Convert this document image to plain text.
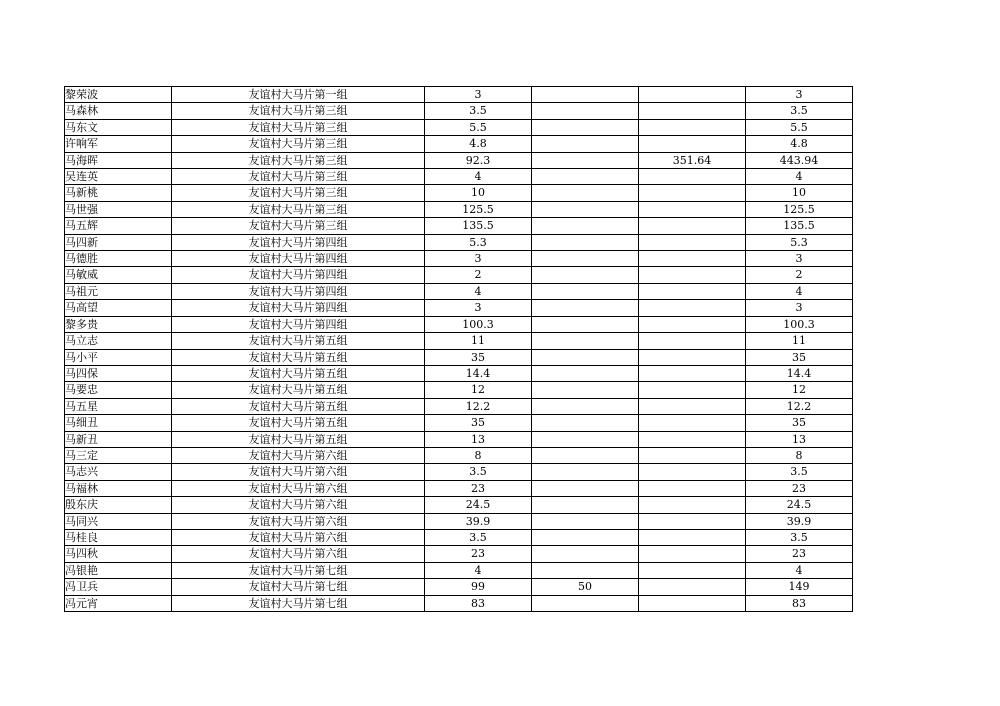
黎荣波	友谊村大马片第一组	3			3
马森林	友谊村大马片第三组	3.5			3.5
马东文	友谊村大马片第三组	5.5			5.5
许响军	友谊村大马片第三组	4.8			4.8
马海晖	友谊村大马片第三组	92.3		351.64	443.94
吴连英	友谊村大马片第三组	4			4
马新桃	友谊村大马片第三组	10			10
马世强	友谊村大马片第三组	125.5			125.5
马五辉	友谊村大马片第三组	135.5			135.5
马四新	友谊村大马片第四组	5.3			5.3
马德胜	友谊村大马片第四组	3			3
马敏威	友谊村大马片第四组	2			2
马祖元	友谊村大马片第四组	4			4
马高望	友谊村大马片第四组	3			3
黎多贵	友谊村大马片第四组	100.3			100.3
马立志	友谊村大马片第五组	11			11
马小平	友谊村大马片第五组	35			35
马四保	友谊村大马片第五组	14.4			14.4
马要忠	友谊村大马片第五组	12			12
马五星	友谊村大马片第五组	12.2			12.2
马细丑	友谊村大马片第五组	35			35
马新丑	友谊村大马片第五组	13			13
马三定	友谊村大马片第六组	8			8
马志兴	友谊村大马片第六组	3.5			3.5
马福林	友谊村大马片第六组	23			23
殷东庆	友谊村大马片第六组	24.5			24.5
马同兴	友谊村大马片第六组	39.9			39.9
马桂良	友谊村大马片第六组	3.5			3.5
马四秋	友谊村大马片第六组	23			23
冯银艳	友谊村大马片第七组	4			4
冯卫兵	友谊村大马片第七组	99	50		149
冯元宵	友谊村大马片第七组	83			83
